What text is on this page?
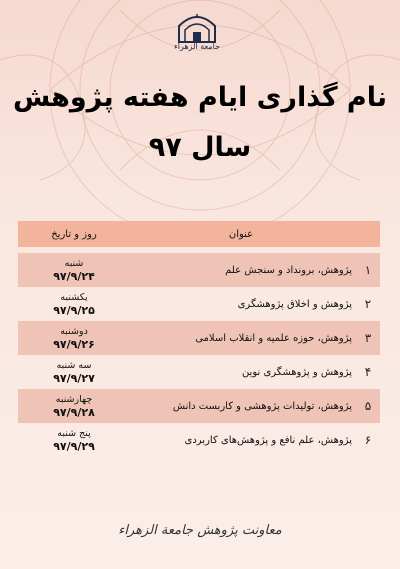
جامعة الزهراء
نام گذاری ایام هفته پژوهش
سال ۹۷
عنوان
روز و تاریخ
۱
پژوهش، برونداد و سنجش علم
شنبه
۹۷/۹/۲۴
۲
پژوهش و اخلاق پژوهشگری
یکشنبه
۹۷/۹/۲۵
۳
پژوهش، حوزه علمیه و انقلاب اسلامی
دوشنبه
۹۷/۹/۲۶
۴
پژوهش و پژوهشگری نوین
سه شنبه
۹۷/۹/۲۷
۵
پژوهش، تولیدات پژوهشی و کاربست دانش
چهارشنبه
۹۷/۹/۲۸
۶
پژوهش، علم نافع و پژوهش‌های کاربردی
پنج شنبه
۹۷/۹/۲۹
معاونت پژوهش جامعة الزهراء
